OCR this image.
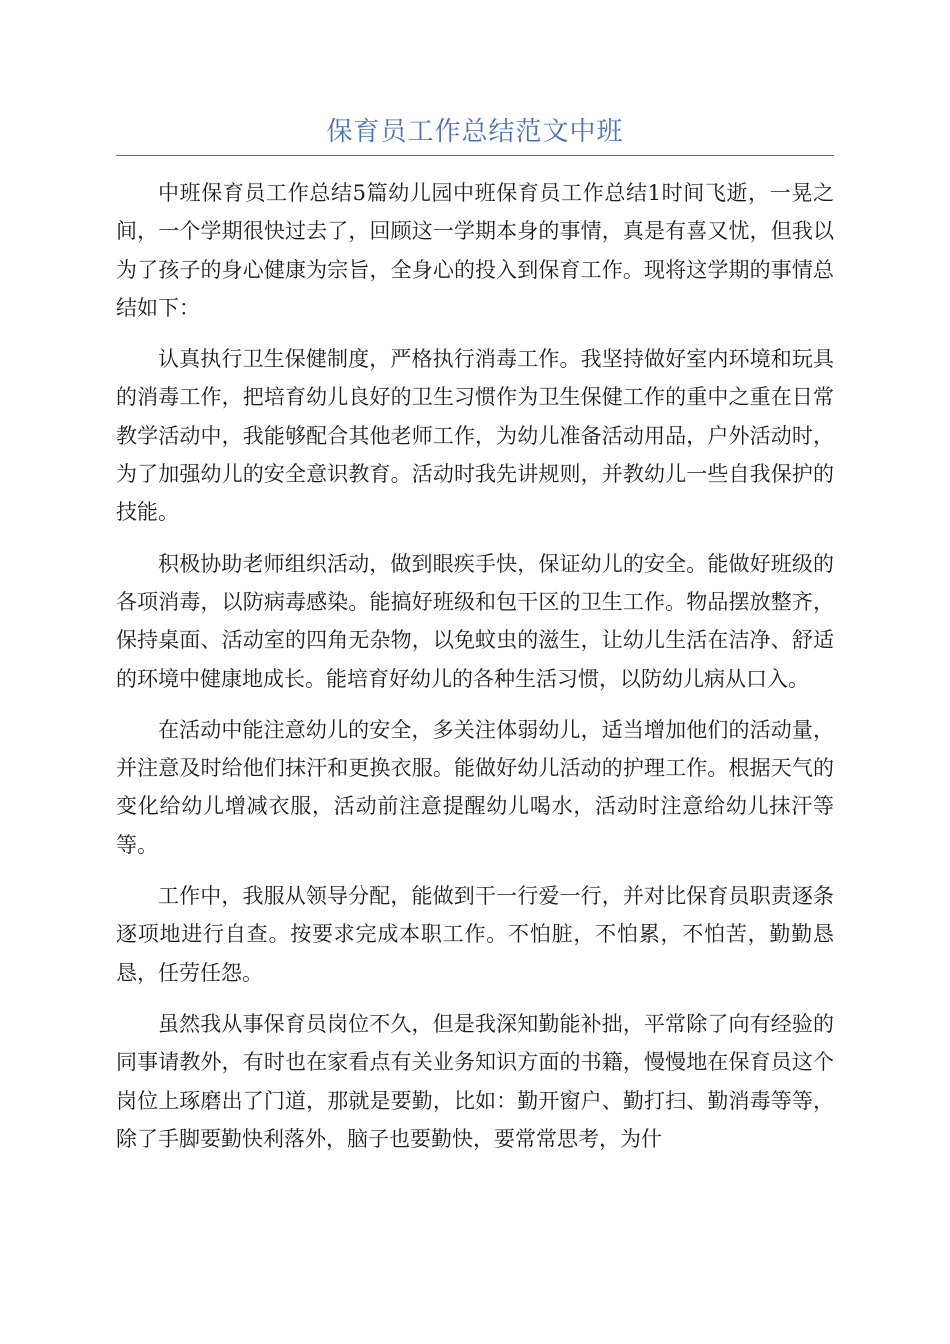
保育员工作总结范文中班

中班保育员工作总结5篇幼儿园中班保育员工作总结1时间飞逝，一晃之间，一个学期很快过去了，回顾这一学期本身的事情，真是有喜又忧，但我以为了孩子的身心健康为宗旨，全身心的投入到保育工作。现将这学期的事情总结如下：

认真执行卫生保健制度，严格执行消毒工作。我坚持做好室内环境和玩具的消毒工作，把培育幼儿良好的卫生习惯作为卫生保健工作的重中之重在日常教学活动中，我能够配合其他老师工作，为幼儿准备活动用品，户外活动时，为了加强幼儿的安全意识教育。活动时我先讲规则，并教幼儿一些自我保护的技能。

积极协助老师组织活动，做到眼疾手快，保证幼儿的安全。能做好班级的各项消毒，以防病毒感染。能搞好班级和包干区的卫生工作。物品摆放整齐，保持桌面、活动室的四角无杂物，以免蚊虫的滋生，让幼儿生活在洁净、舒适的环境中健康地成长。能培育好幼儿的各种生活习惯，以防幼儿病从口入。

在活动中能注意幼儿的安全，多关注体弱幼儿，适当增加他们的活动量，并注意及时给他们抹汗和更换衣服。能做好幼儿活动的护理工作。根据天气的变化给幼儿增减衣服，活动前注意提醒幼儿喝水，活动时注意给幼儿抹汗等等。

工作中，我服从领导分配，能做到干一行爱一行，并对比保育员职责逐条逐项地进行自查。按要求完成本职工作。不怕脏，不怕累，不怕苦，勤勤恳恳，任劳任怨。

虽然我从事保育员岗位不久，但是我深知勤能补拙，平常除了向有经验的同事请教外，有时也在家看点有关业务知识方面的书籍，慢慢地在保育员这个岗位上琢磨出了门道，那就是要勤，比如：勤开窗户、勤打扫、勤消毒等等，除了手脚要勤快利落外，脑子也要勤快，要常常思考，为什
